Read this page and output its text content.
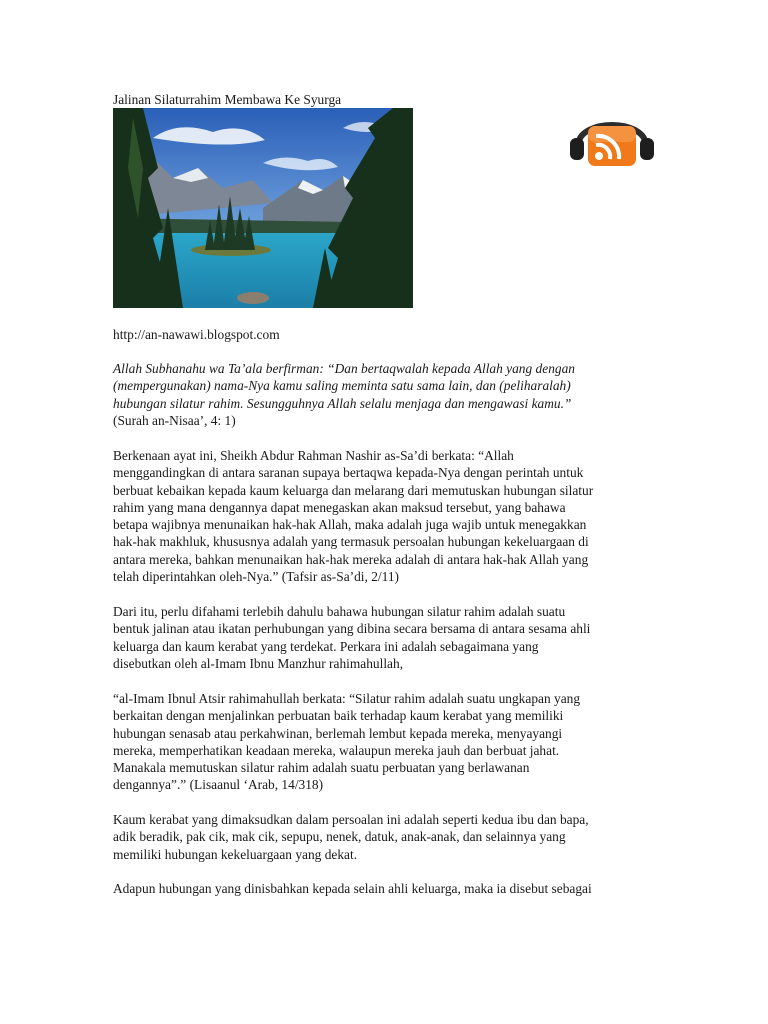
Jalinan Silaturrahim Membawa Ke Syurga
http://an-nawawi.blogspot.com
Allah Subhanahu wa Ta’ala berfirman: “Dan bertaqwalah kepada Allah yang dengan
(mempergunakan) nama-Nya kamu saling meminta satu sama lain, dan (peliharalah)
hubungan silatur rahim. Sesungguhnya Allah selalu menjaga dan mengawasi kamu.”
(Surah an-Nisaa’, 4: 1)
Berkenaan ayat ini, Sheikh Abdur Rahman Nashir as-Sa’di berkata: “Allah
menggandingkan di antara saranan supaya bertaqwa kepada-Nya dengan perintah untuk
berbuat kebaikan kepada kaum keluarga dan melarang dari memutuskan hubungan silatur
rahim yang mana dengannya dapat menegaskan akan maksud tersebut, yang bahawa
betapa wajibnya menunaikan hak-hak Allah, maka adalah juga wajib untuk menegakkan
hak-hak makhluk, khususnya adalah yang termasuk persoalan hubungan kekeluargaan di
antara mereka, bahkan menunaikan hak-hak mereka adalah di antara hak-hak Allah yang
telah diperintahkan oleh-Nya.” (Tafsir as-Sa’di, 2/11)
Dari itu, perlu difahami terlebih dahulu bahawa hubungan silatur rahim adalah suatu
bentuk jalinan atau ikatan perhubungan yang dibina secara bersama di antara sesama ahli
keluarga dan kaum kerabat yang terdekat. Perkara ini adalah sebagaimana yang
disebutkan oleh al-Imam Ibnu Manzhur rahimahullah,
“al-Imam Ibnul Atsir rahimahullah berkata: “Silatur rahim adalah suatu ungkapan yang
berkaitan dengan menjalinkan perbuatan baik terhadap kaum kerabat yang memiliki
hubungan senasab atau perkahwinan, berlemah lembut kepada mereka, menyayangi
mereka, memperhatikan keadaan mereka, walaupun mereka jauh dan berbuat jahat.
Manakala memutuskan silatur rahim adalah suatu perbuatan yang berlawanan
dengannya”.” (Lisaanul ‘Arab, 14/318)
Kaum kerabat yang dimaksudkan dalam persoalan ini adalah seperti kedua ibu dan bapa,
adik beradik, pak cik, mak cik, sepupu, nenek, datuk, anak-anak, dan selainnya yang
memiliki hubungan kekeluargaan yang dekat.
Adapun hubungan yang dinisbahkan kepada selain ahli keluarga, maka ia disebut sebagai
